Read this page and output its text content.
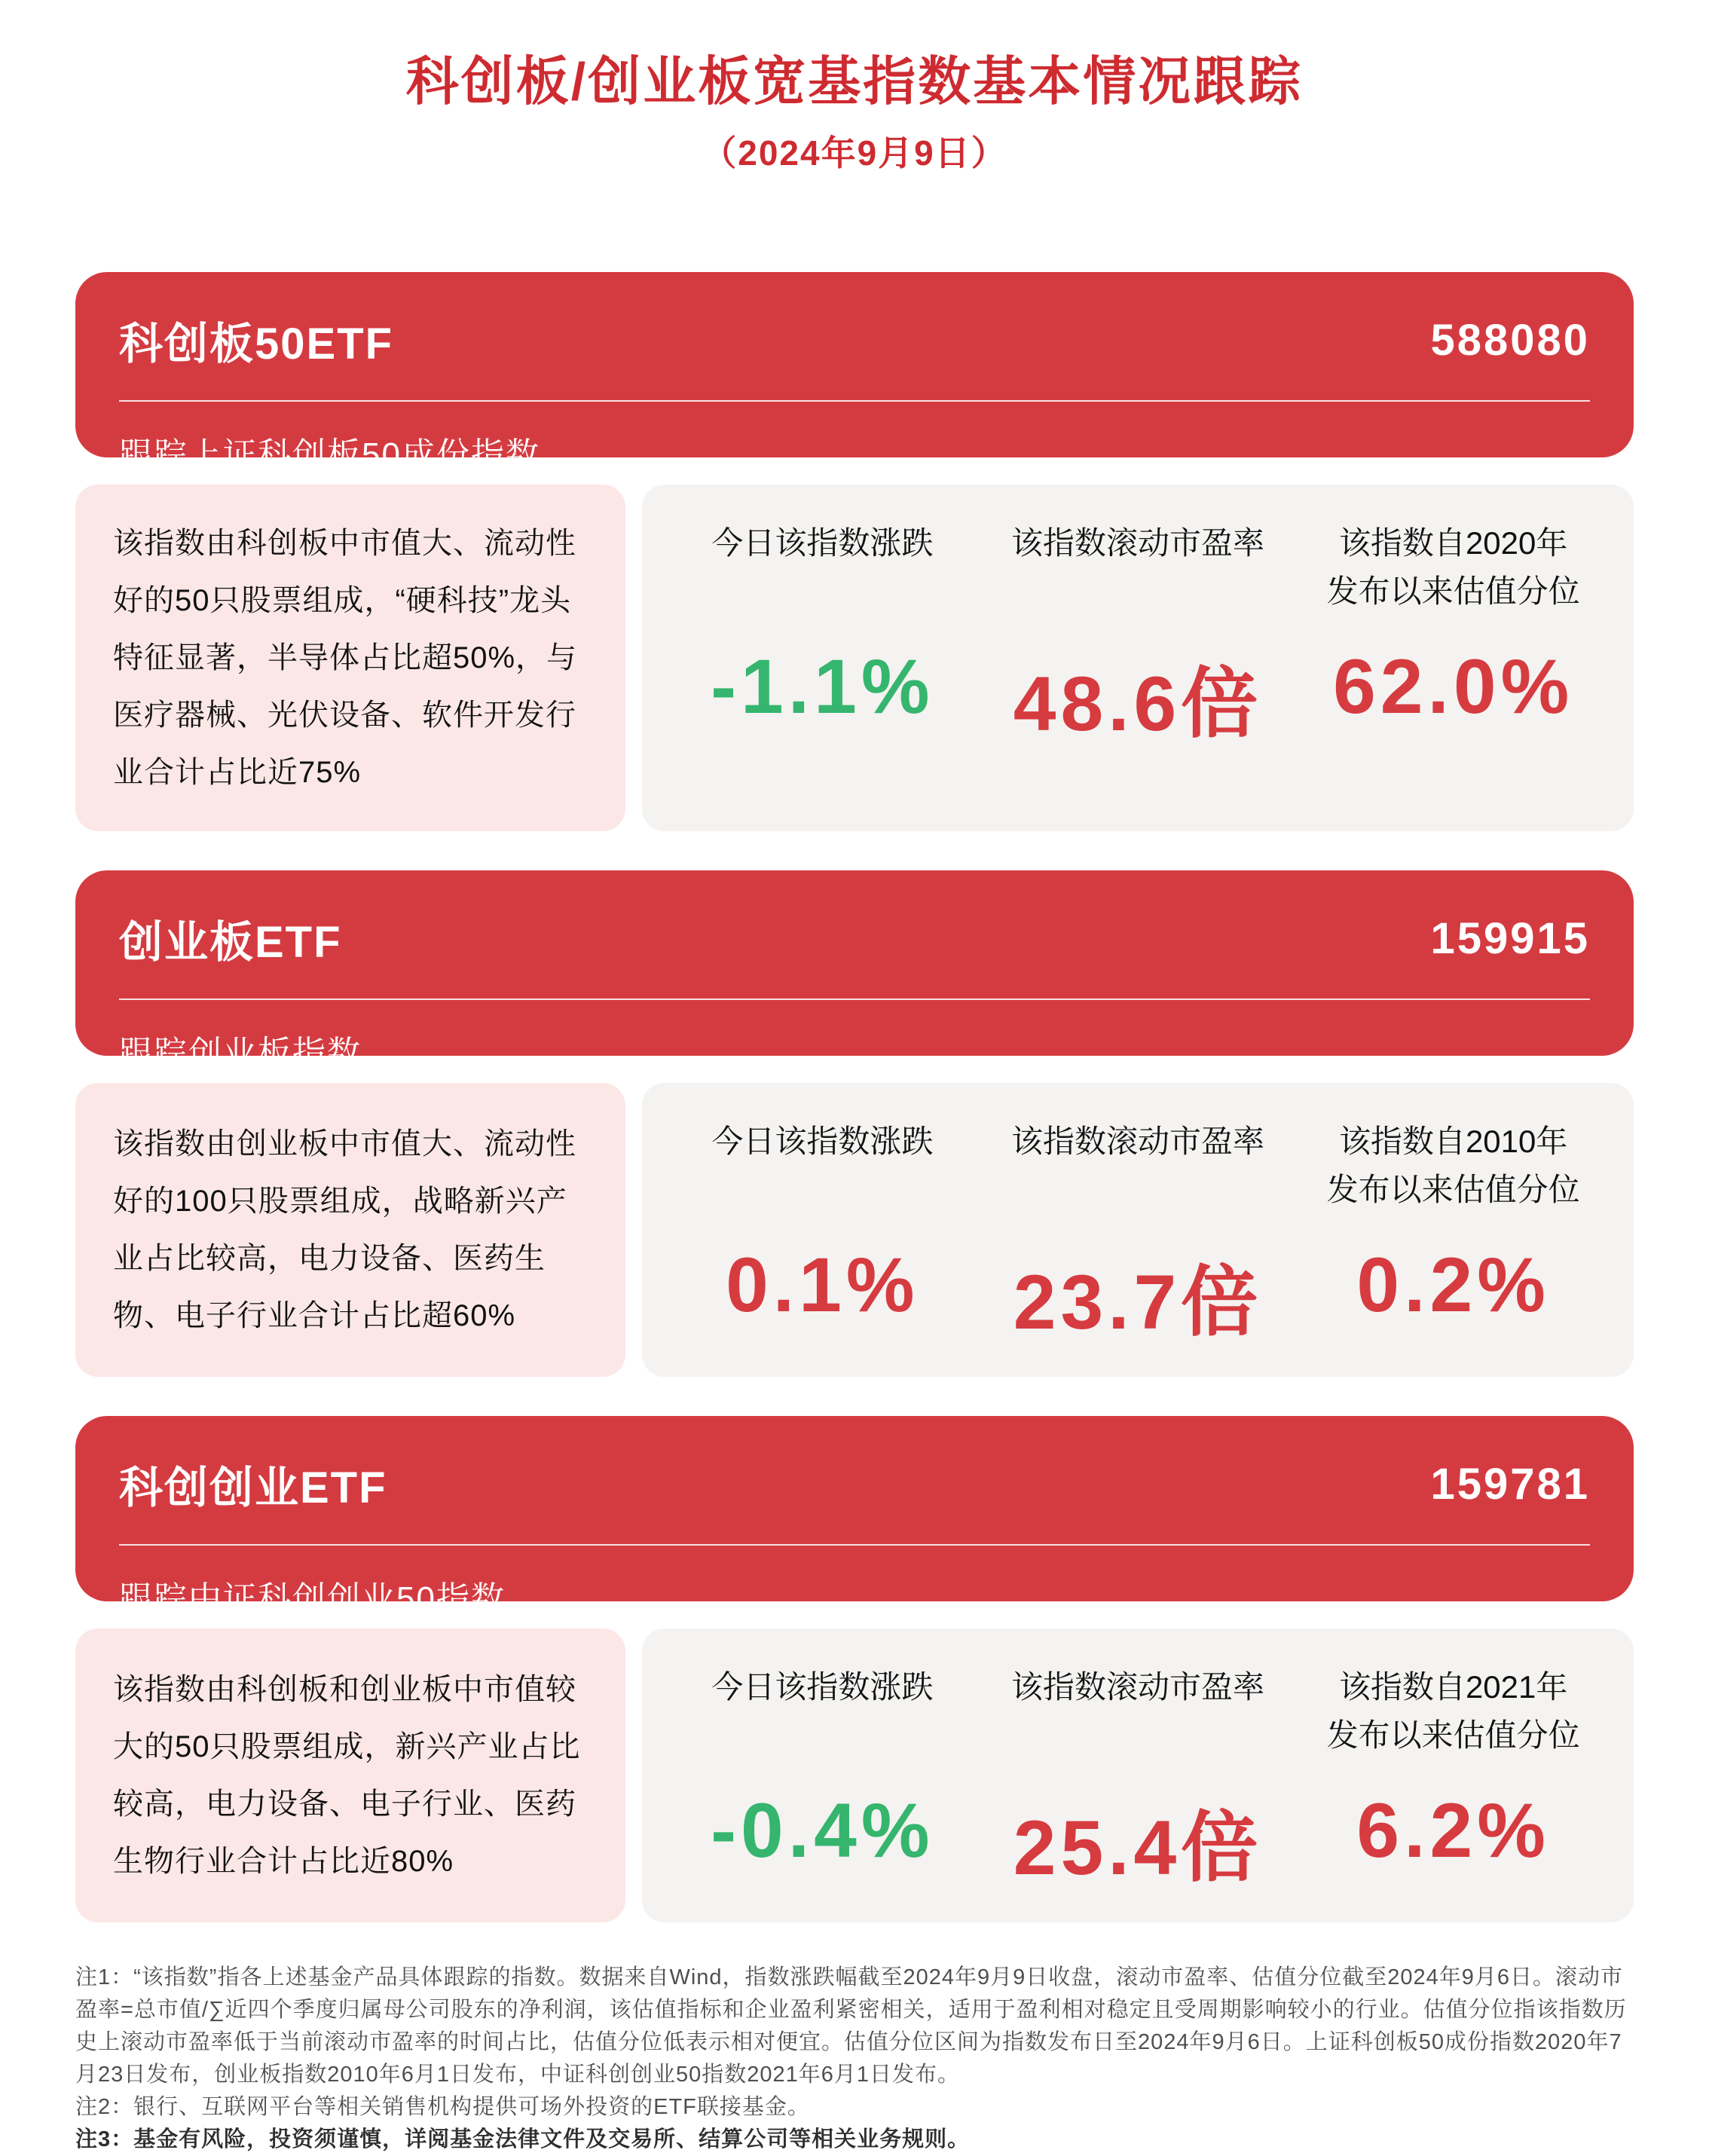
科创板/创业板宽基指数基本情况跟踪
（2024年9月9日）
科创板50ETF	588080
跟踪上证科创板50成份指数
该指数由科创板中市值大、流动性好的50只股票组成，“硬科技”龙头特征显著，半导体占比超50%，与医疗器械、光伏设备、软件开发行业合计占比近75%
今日该指数涨跌
-1.1%
该指数滚动市盈率
48.6倍
该指数自2020年
发布以来估值分位
62.0%
创业板ETF	159915
跟踪创业板指数
该指数由创业板中市值大、流动性好的100只股票组成，战略新兴产业占比较高，电力设备、医药生物、电子行业合计占比超60%
今日该指数涨跌
0.1%
该指数滚动市盈率
23.7倍
该指数自2010年
发布以来估值分位
0.2%
科创创业ETF	159781
跟踪中证科创创业50指数
该指数由科创板和创业板中市值较大的50只股票组成，新兴产业占比较高，电力设备、电子行业、医药生物行业合计占比近80%
今日该指数涨跌
-0.4%
该指数滚动市盈率
25.4倍
该指数自2021年
发布以来估值分位
6.2%

注1：“该指数”指各上述基金产品具体跟踪的指数。数据来自Wind，指数涨跌幅截至2024年9月9日收盘，滚动市盈率、估值分位截至2024年9月6日。滚动市盈率=总市值/∑近四个季度归属母公司股东的净利润，该估值指标和企业盈利紧密相关，适用于盈利相对稳定且受周期影响较小的行业。估值分位指该指数历史上滚动市盈率低于当前滚动市盈率的时间占比，估值分位低表示相对便宜。估值分位区间为指数发布日至2024年9月6日。上证科创板50成份指数2020年7月23日发布，创业板指数2010年6月1日发布，中证科创创业50指数2021年6月1日发布。

注2：银行、互联网平台等相关销售机构提供可场外投资的ETF联接基金。

注3：基金有风险，投资须谨慎，详阅基金法律文件及交易所、结算公司等相关业务规则。
